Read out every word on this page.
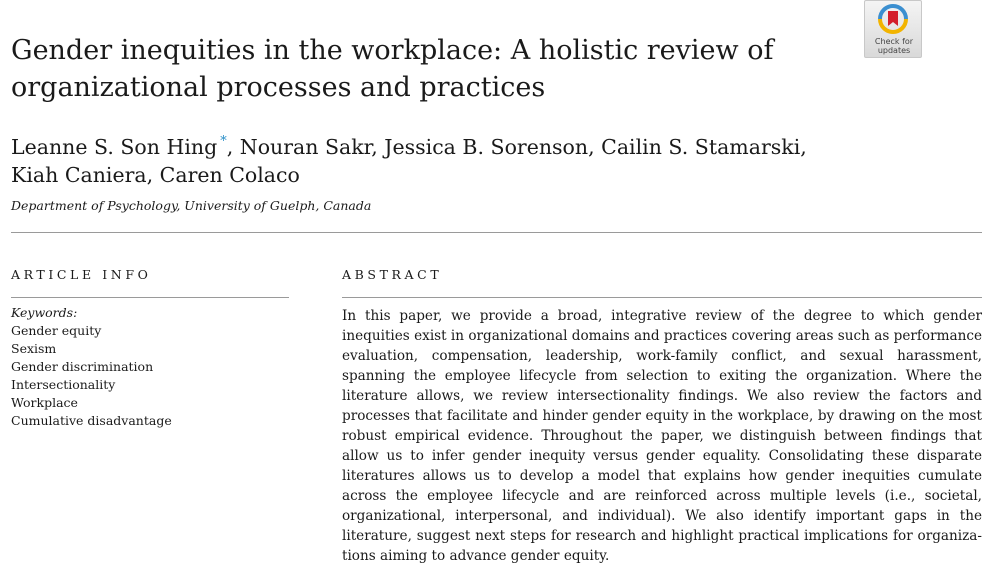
Gender inequities in the workplace: A holistic review of organizational processes and practices
Leanne S. Son Hing *, Nouran Sakr, Jessica B. Sorenson, Cailin S. Stamarski,
Kiah Caniera, Caren Colaco
Department of Psychology, University of Guelph, Canada
Check for
updates
ARTICLE INFO	ABSTRACT
Keywords:
Gender equity
Sexism
Gender discrimination
Intersectionality
Workplace
Cumulative disadvantage

In this paper, we provide a broad, integrative review of the degree to which gender inequities exist in organizational domains and practices covering areas such as performance evaluation, compensation, leadership, work-family conflict, and sexual harassment, spanning the employee lifecycle from selection to exiting the organization. Where the literature allows, we review intersectionality findings. We also review the factors and processes that facilitate and hinder gender equity in the workplace, by drawing on the most robust empirical evidence. Throughout the paper, we distinguish between findings that allow us to infer gender inequity versus gender equality. Consolidating these disparate literatures allows us to develop a model that explains how gender inequities cumulate across the employee lifecycle and are reinforced across multiple levels (i.e., societal, organizational, interpersonal, and individual). We also identify important gaps in the literature, suggest next steps for research and highlight practical implications for organiza-tions aiming to advance gender equity.
